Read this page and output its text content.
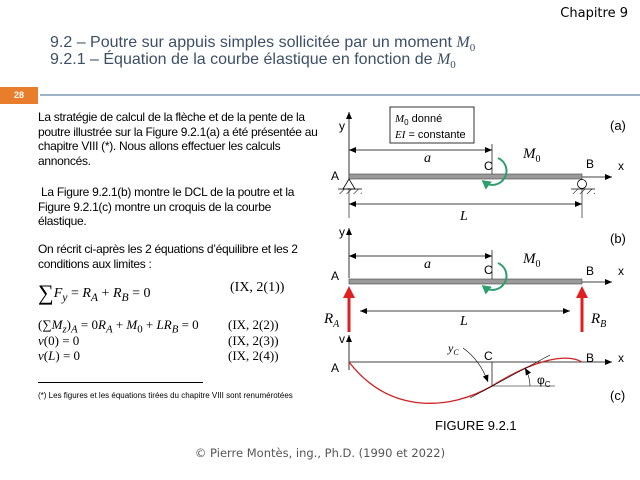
Chapitre 9
9.2 – Poutre sur appuis simples sollicitée par un moment $M_0$
9.2.1 – Équation de la courbe élastique en fonction de $M_0$
28
La stratégie de calcul de la flèche et de la pente de la poutre illustrée sur la Figure 9.2.1(a) a été présentée au chapitre VIII (*). Nous allons effectuer les calculs annoncés.
La Figure 9.2.1(b) montre le DCL de la poutre et la Figure 9.2.1(c) montre un croquis de la courbe élastique.
On récrit ci-après les 2 équations d’équilibre et les 2 conditions aux limites :
$\sum F_y = R_A + R_B = 0$	(IX, 2(1))
$(\sum M_z)_A = 0R_A + M_0 + LR_B = 0$ (IX, 2(2))
v(0) = 0	(IX, 2(3))
v(L) = 0	(IX, 2(4))
(*) Les figures et les équations tirées du chapitre VIII sont renumérotées
© Pierre Montès, ing., Ph.D. (1990 et 2022)
$M_0$ donné
EI = constante
(a)
y
x
a	C
A
B
$M_0$
L
(b)
y
x
a	C
A	B
$M_0$
$R_A$	$R_B$
L
(c)
v
x
A
B
C
$y_C$
$\varphi_C$
FIGURE 9.2.1
